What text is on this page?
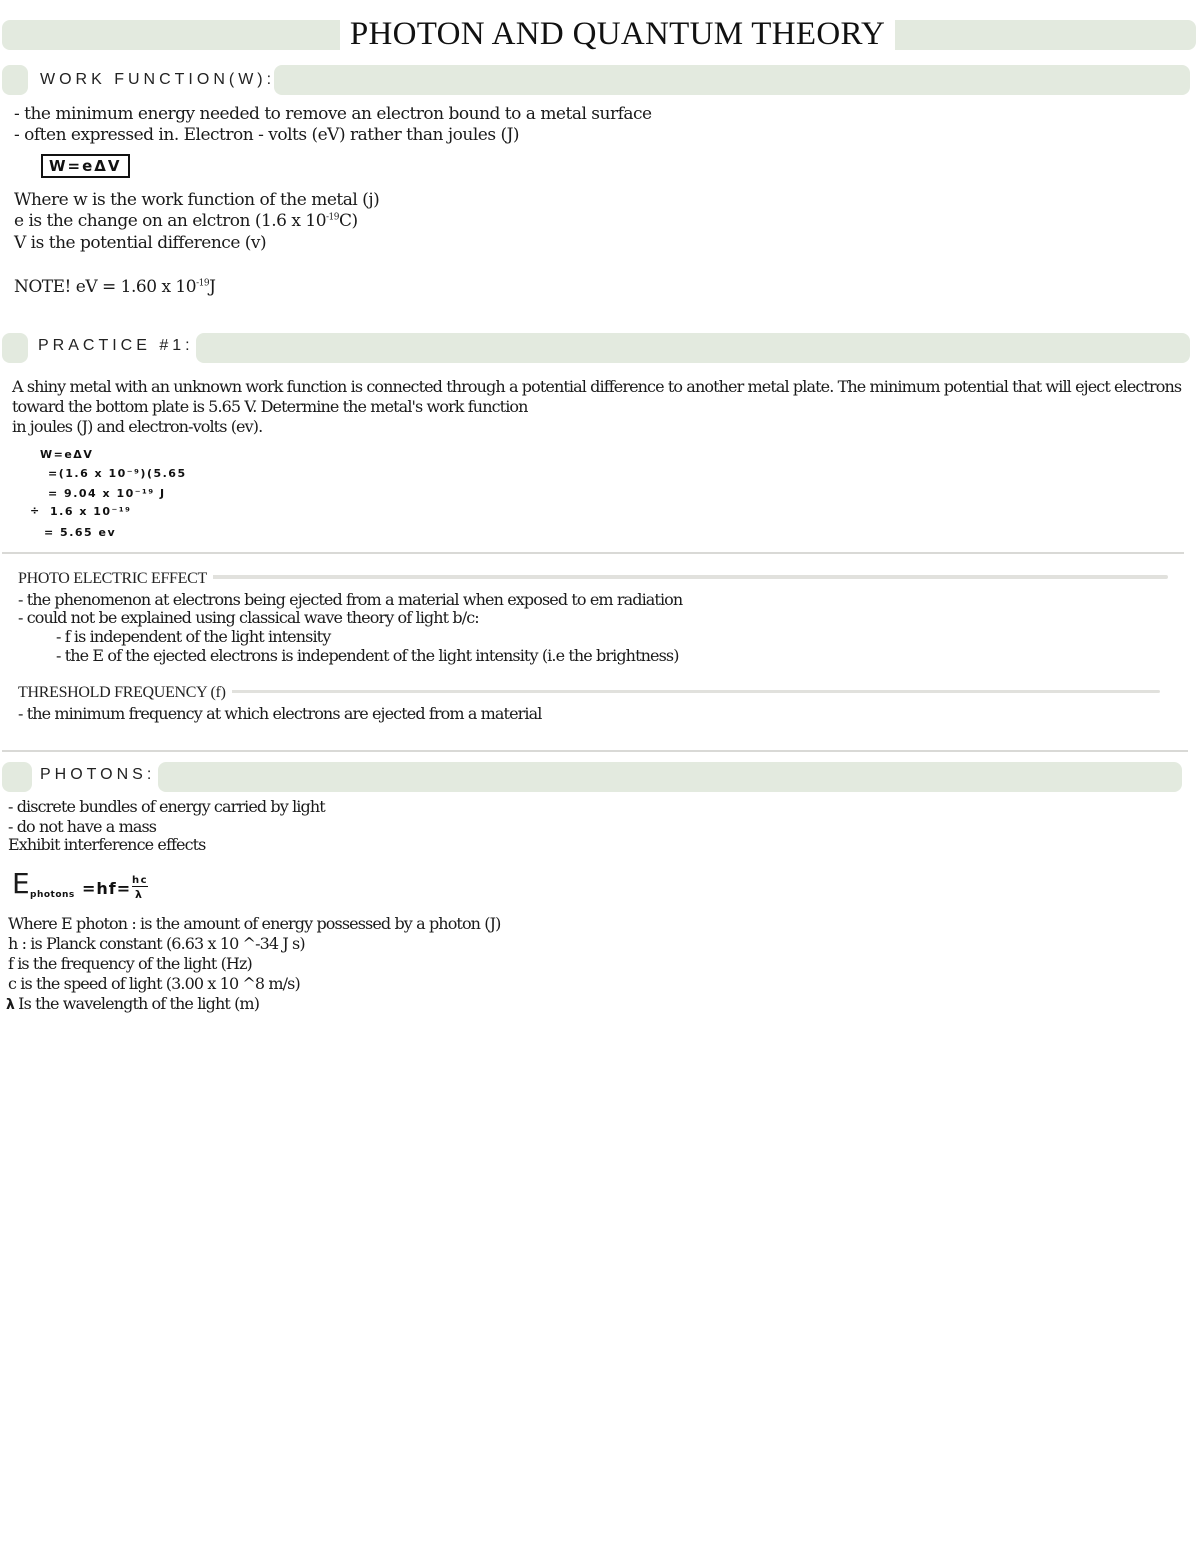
PHOTON AND QUANTUM THEORY
WORK FUNCTION(W):
- the minimum energy needed to remove an electron bound to a metal surface
- often expressed in. Electron - volts (eV) rather than joules (J)
W=eΔV
Where w is the work function of the metal (j)
e is the change on an elctron (1.6 x $10^{-19}C$)
V is the potential difference (v)
NOTE! eV = 1.60 x $10^{-19}J$
PRACTICE #1:
A shiny metal with an unknown work function is connected through a potential difference to another metal plate. The minimum potential that will eject electrons toward the bottom plate is 5.65 V. Determine the metal's work function
in joules (J) and electron-volts (ev).
W=eΔV
=(1.6 x 10⁻⁹)(5.65
= 9.04 x 10⁻¹⁹ J
÷ 1.6 x 10⁻¹⁹
= 5.65 ev
PHOTO ELECTRIC EFFECT
- the phenomenon at electrons being ejected from a material when exposed to em radiation
- could not be explained using classical wave theory of light b/c:
- f is independent of the light intensity
- the E of the ejected electrons is independent of the light intensity (i.e the brightness)
THRESHOLD FREQUENCY (f)
- the minimum frequency at which electrons are ejected from a material
PHOTONS:
- discrete bundles of energy carried by light
- do not have a mass
Exhibit interference effects
E photons =hf= hc
λ
Where E photon : is the amount of energy possessed by a photon (J)
h : is Planck constant (6.63 x 10 ^-34 J s)
f is the frequency of the light (Hz)
c is the speed of light (3.00 x 10 ^8 m/s)
λ Is the wavelength of the light (m)
